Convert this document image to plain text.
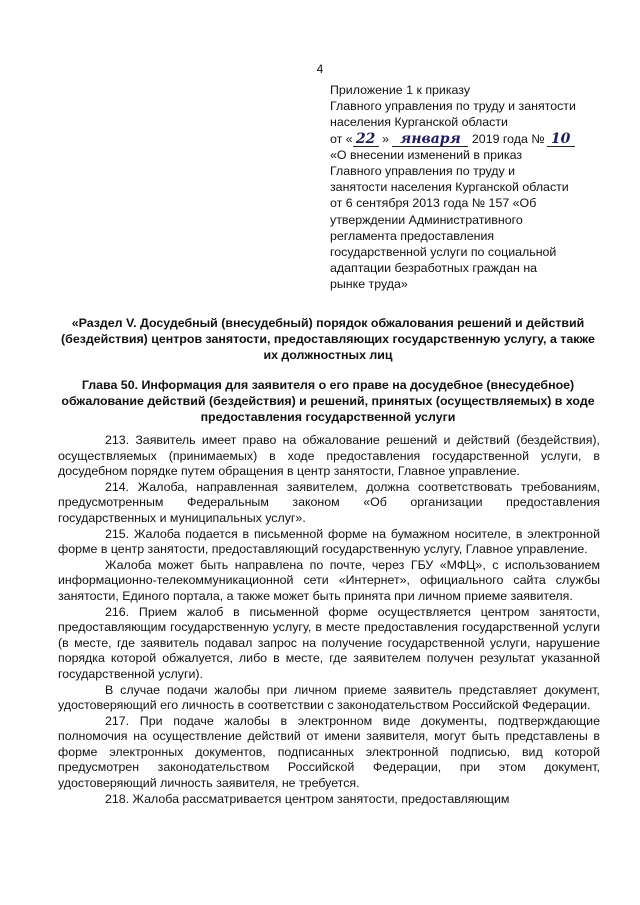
4
Приложение 1 к приказу
Главного управления по труду и занятости
населения Курганской области
от « 22 » января 2019 года № 10
«О внесении изменений в приказ
Главного управления по труду и
занятости населения Курганской области
от 6 сентября 2013 года № 157 «Об
утверждении Административного
регламента предоставления
государственной услуги по социальной
адаптации безработных граждан на
рынке труда»

«Раздел V. Досудебный (внесудебный) порядок обжалования решений и действий (бездействия) центров занятости, предоставляющих государственную услугу, а также их должностных лиц

Глава 50. Информация для заявителя о его праве на досудебное (внесудебное) обжалование действий (бездействия) и решений, принятых (осуществляемых) в ходе предоставления государственной услуги

213. Заявитель имеет право на обжалование решений и действий (бездействия), осуществляемых (принимаемых) в ходе предоставления государственной услуги, в досудебном порядке путем обращения в центр занятости, Главное управление.

214. Жалоба, направленная заявителем, должна соответствовать требованиям, предусмотренным Федеральным законом «Об организации предоставления государственных и муниципальных услуг».

215. Жалоба подается в письменной форме на бумажном носителе, в электронной форме в центр занятости, предоставляющий государственную услугу, Главное управление.

Жалоба может быть направлена по почте, через ГБУ «МФЦ», с использованием информационно-телекоммуникационной сети «Интернет», официального сайта службы занятости, Единого портала, а также может быть принята при личном приеме заявителя.

216. Прием жалоб в письменной форме осуществляется центром занятости, предоставляющим государственную услугу, в месте предоставления государственной услуги (в месте, где заявитель подавал запрос на получение государственной услуги, нарушение порядка которой обжалуется, либо в месте, где заявителем получен результат указанной государственной услуги).

В случае подачи жалобы при личном приеме заявитель представляет документ, удостоверяющий его личность в соответствии с законодательством Российской Федерации.

217. При подаче жалобы в электронном виде документы, подтверждающие полномочия на осуществление действий от имени заявителя, могут быть представлены в форме электронных документов, подписанных электронной подписью, вид которой предусмотрен законодательством Российской Федерации, при этом документ, удостоверяющий личность заявителя, не требуется.

218. Жалоба рассматривается центром занятости, предоставляющим
